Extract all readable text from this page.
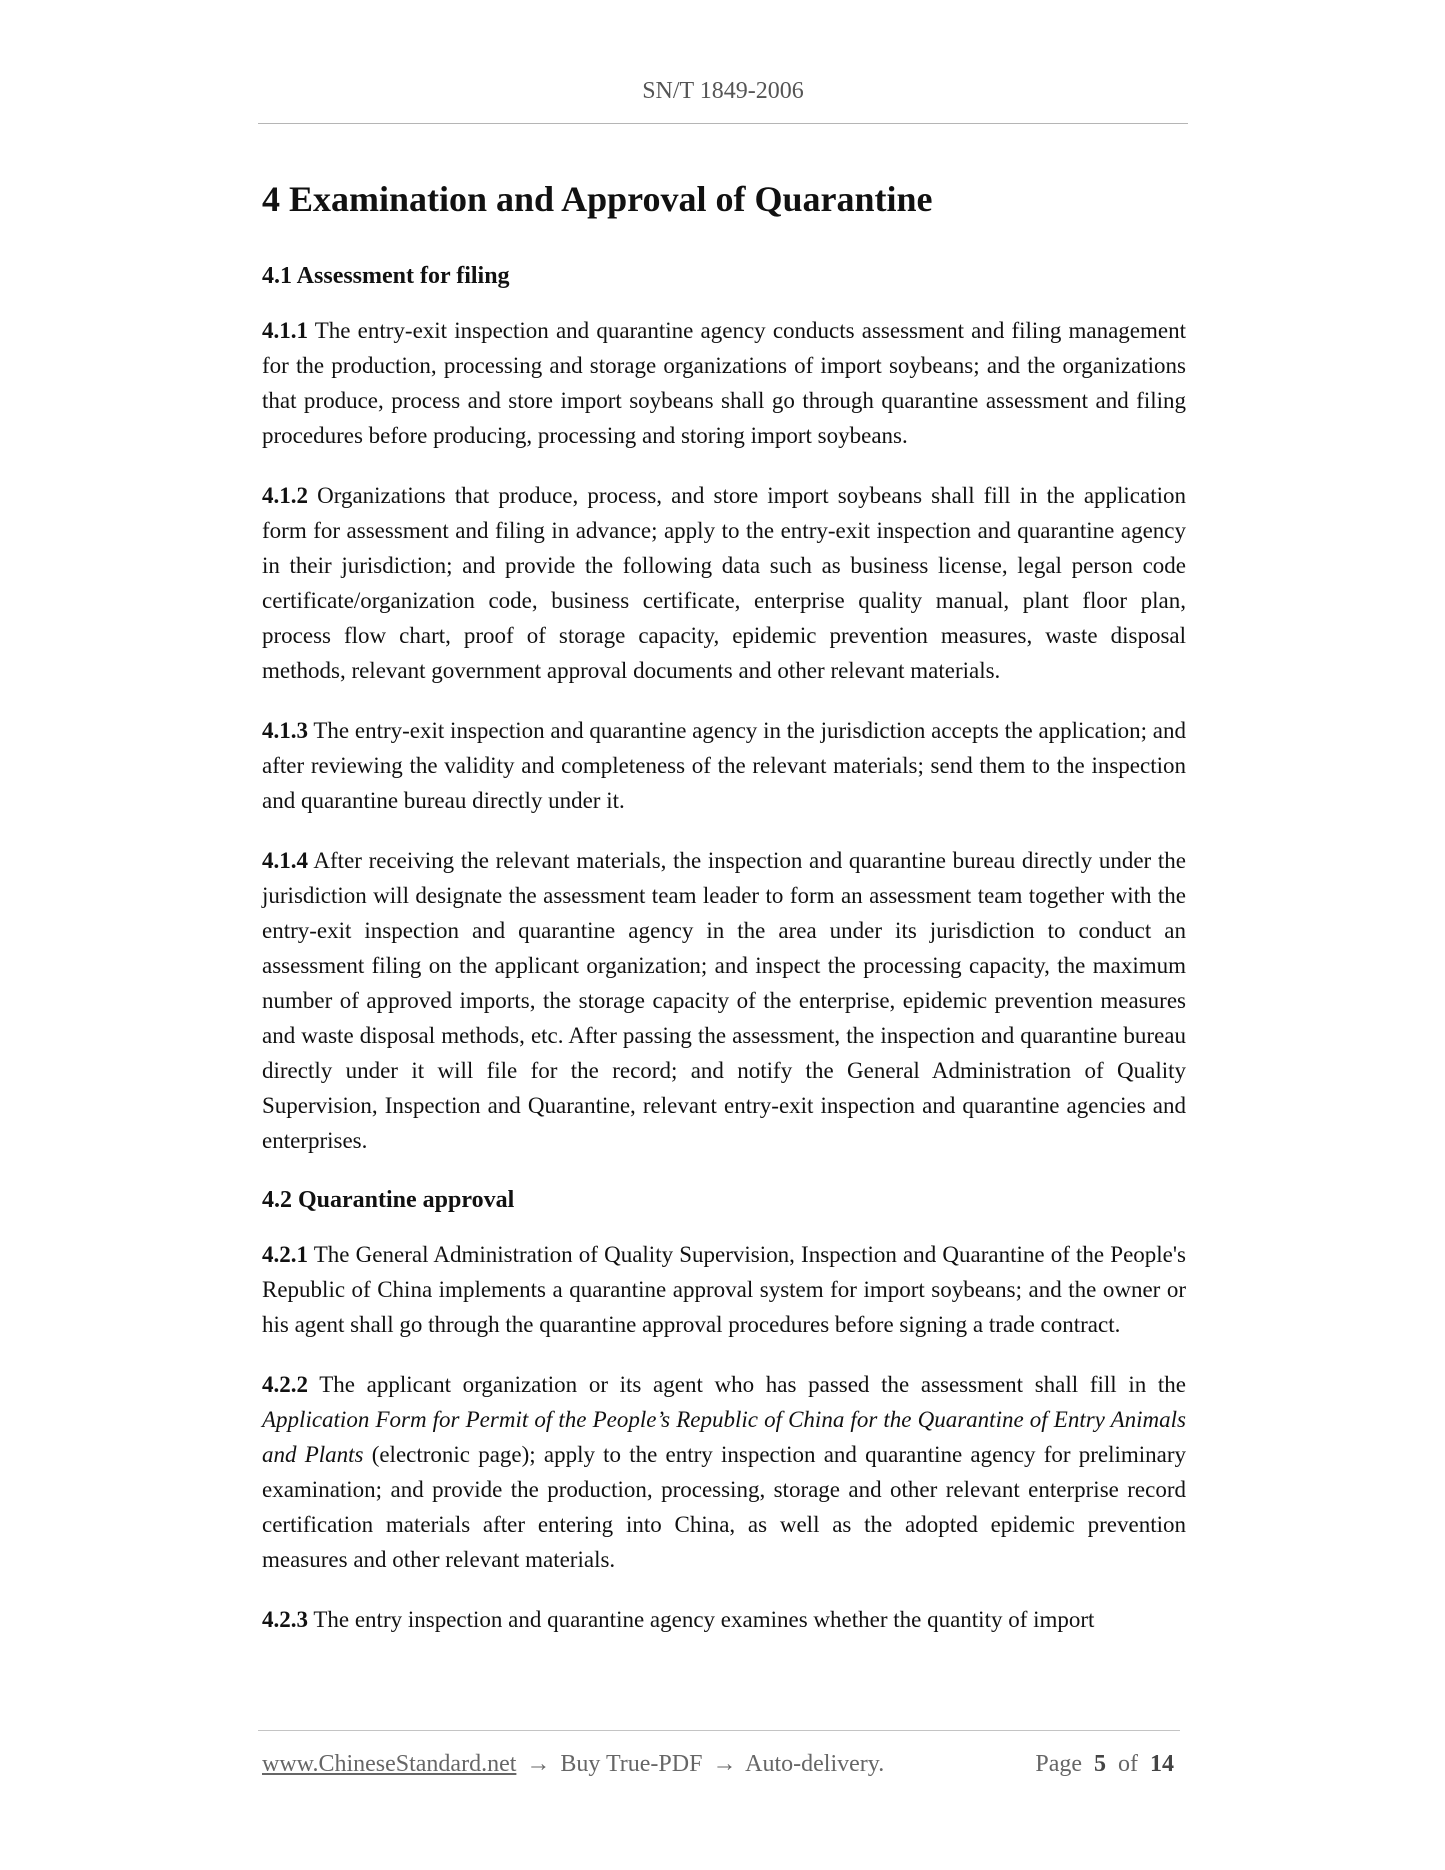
SN/T 1849-2006
4 Examination and Approval of Quarantine
4.1 Assessment for filing

4.1.1 The entry-exit inspection and quarantine agency conducts assessment and filing management for the production, processing and storage organizations of import soybeans; and the organizations that produce, process and store import soybeans shall go through quarantine assessment and filing procedures before producing, processing and storing import soybeans.

4.1.2 Organizations that produce, process, and store import soybeans shall fill in the application form for assessment and filing in advance; apply to the entry-exit inspection and quarantine agency in their jurisdiction; and provide the following data such as business license, legal person code certificate/organization code, business certificate, enterprise quality manual, plant floor plan, process flow chart, proof of storage capacity, epidemic prevention measures, waste disposal methods, relevant government approval documents and other relevant materials.

4.1.3 The entry-exit inspection and quarantine agency in the jurisdiction accepts the application; and after reviewing the validity and completeness of the relevant materials; send them to the inspection and quarantine bureau directly under it.

4.1.4 After receiving the relevant materials, the inspection and quarantine bureau directly under the jurisdiction will designate the assessment team leader to form an assessment team together with the entry-exit inspection and quarantine agency in the area under its jurisdiction to conduct an assessment filing on the applicant organization; and inspect the processing capacity, the maximum number of approved imports, the storage capacity of the enterprise, epidemic prevention measures and waste disposal methods, etc. After passing the assessment, the inspection and quarantine bureau directly under it will file for the record; and notify the General Administration of Quality Supervision, Inspection and Quarantine, relevant entry-exit inspection and quarantine agencies and enterprises.

4.2 Quarantine approval

4.2.1 The General Administration of Quality Supervision, Inspection and Quarantine of the People's Republic of China implements a quarantine approval system for import soybeans; and the owner or his agent shall go through the quarantine approval procedures before signing a trade contract.

4.2.2 The applicant organization or its agent who has passed the assessment shall fill in the Application Form for Permit of the People’s Republic of China for the Quarantine of Entry Animals and Plants (electronic page); apply to the entry inspection and quarantine agency for preliminary examination; and provide the production, processing, storage and other relevant enterprise record certification materials after entering into China, as well as the adopted epidemic prevention measures and other relevant materials.

4.2.3 The entry inspection and quarantine agency examines whether the quantity of import

www.ChineseStandard.net → Buy True-PDF → Auto-delivery.	Page 5 of 14
